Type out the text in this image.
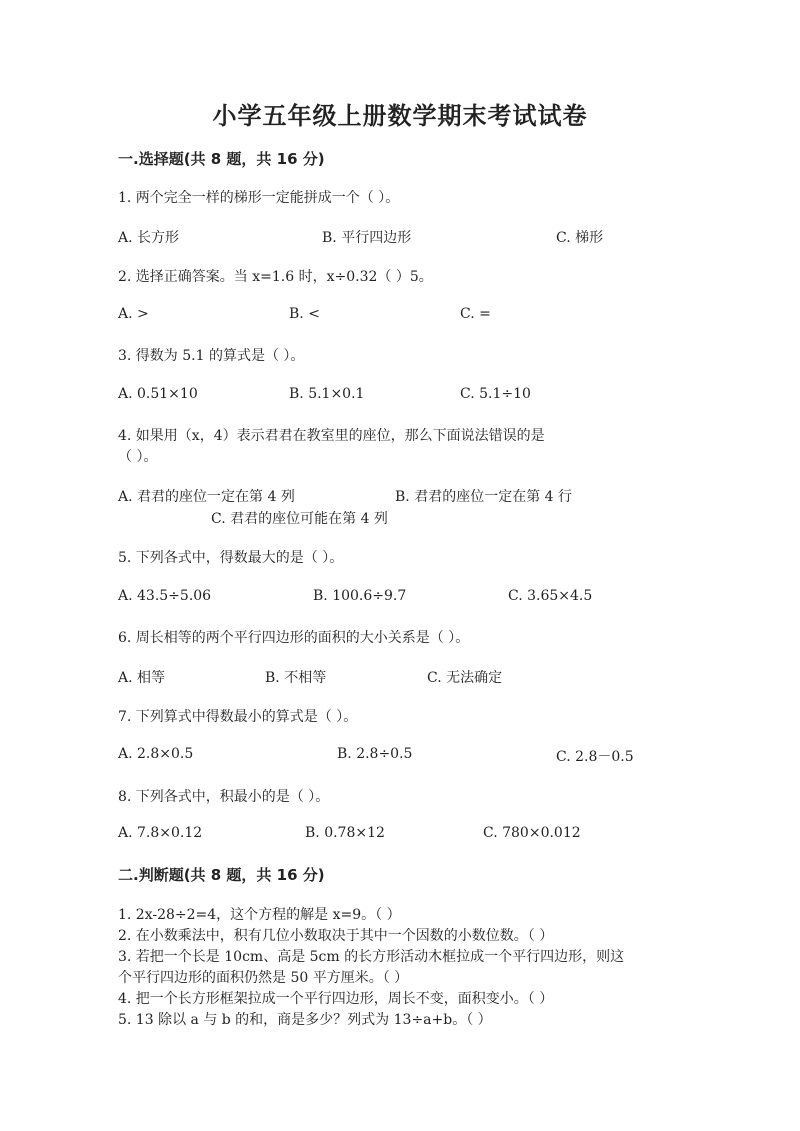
小学五年级上册数学期末考试试卷
一.选择题(共 8 题，共 16 分)
1. 两个完全一样的梯形一定能拼成一个（ ）。
A. 长方形	B. 平行四边形	C. 梯形
2. 选择正确答案。当 x=1.6 时，x÷0.32（ ）5。
A. >	B. <	C. =
3. 得数为 5.1 的算式是（ ）。
A. 0.51×10	B. 5.1×0.1	C. 5.1÷10
4. 如果用（x，4）表示君君在教室里的座位，那么下面说法错误的是
（ ）。
A. 君君的座位一定在第 4 列	B. 君君的座位一定在第 4 行
C. 君君的座位可能在第 4 列
5. 下列各式中，得数最大的是（ ）。
A. 43.5÷5.06	B. 100.6÷9.7	C. 3.65×4.5
6. 周长相等的两个平行四边形的面积的大小关系是（ ）。
A. 相等	B. 不相等	C. 无法确定
7. 下列算式中得数最小的算式是（ ）。
A. 2.8×0.5	B. 2.8÷0.5	C. 2.8－0.5
8. 下列各式中，积最小的是（ ）。
A. 7.8×0.12	B. 0.78×12	C. 780×0.012
二.判断题(共 8 题，共 16 分)
1. 2x-28÷2=4，这个方程的解是 x=9。（ ）
2. 在小数乘法中，积有几位小数取决于其中一个因数的小数位数。（ ）
3. 若把一个长是 10cm、高是 5cm 的长方形活动木框拉成一个平行四边形，则这
个平行四边形的面积仍然是 50 平方厘米。（ ）
4. 把一个长方形框架拉成一个平行四边形，周长不变，面积变小。（ ）
5. 13 除以 a 与 b 的和，商是多少？列式为 13÷a+b。（ ）
